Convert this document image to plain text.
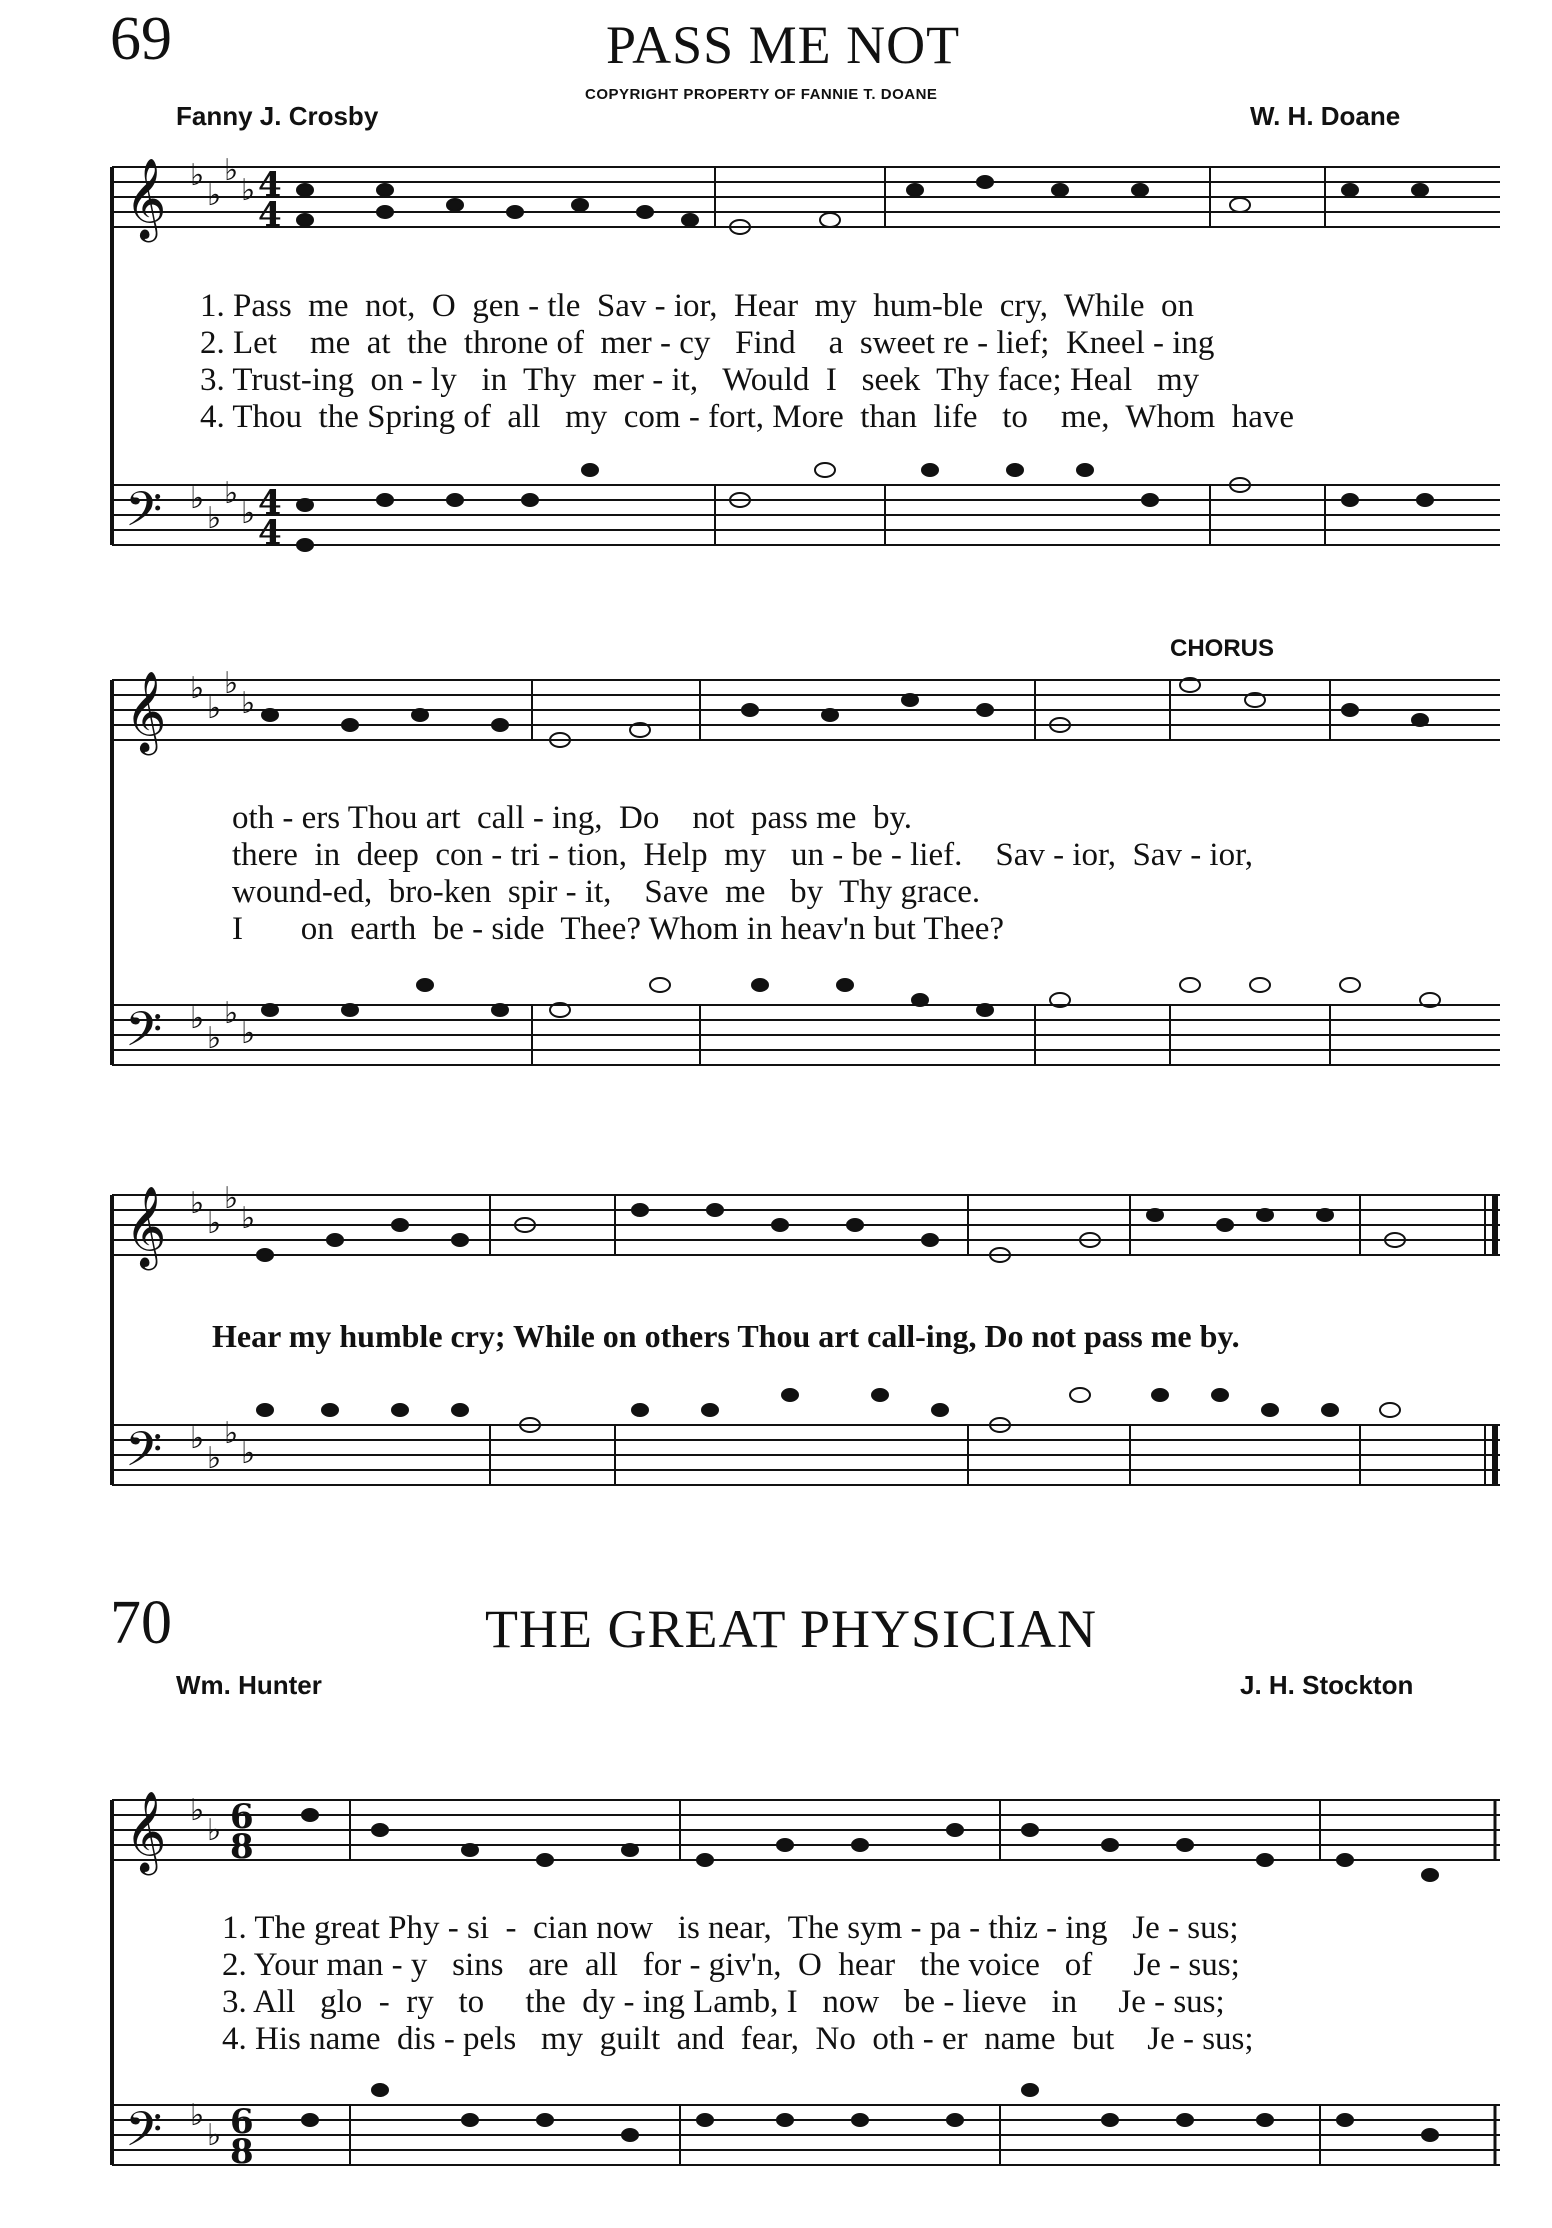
69	PASS ME NOT
COPYRIGHT PROPERTY OF FANNIE T. DOANE
Fanny J. Crosby	W. H. Doane
𝄞
𝄢
𝄞
𝄢
𝄞
𝄢
𝄞
𝄢
♭
♭
♭
♭
♭
♭
♭
♭
♭
♭
♭
♭
♭
♭
♭
♭
♭
♭
♭
♭
♭
♭
♭
♭
♭
♭
♭
♭
4
4
4
4
6
8
6
8
1. Pass  me  not,  O  gen - tle  Sav - ior,  Hear  my  hum-ble  cry,  While  on
2. Let    me  at  the  throne of  mer - cy   Find    a  sweet re - lief;  Kneel - ing
3. Trust-ing  on - ly   in  Thy  mer - it,   Would  I   seek  Thy face; Heal   my
4. Thou  the Spring of  all   my  com - fort, More  than  life   to    me,  Whom  have
CHORUS
oth - ers Thou art  call - ing,  Do    not  pass me  by.
there  in  deep  con - tri - tion,  Help  my   un - be - lief.    Sav - ior,  Sav - ior,
wound-ed,  bro-ken  spir - it,    Save  me   by  Thy grace.
I       on  earth  be - side  Thee? Whom in heav'n but Thee?
Hear my humble cry; While on others Thou art call-ing, Do not pass me by.
70	THE GREAT PHYSICIAN
Wm. Hunter	J. H. Stockton
1. The great Phy - si  -  cian now   is near,  The sym - pa - thiz - ing   Je - sus;
2. Your man - y   sins   are  all   for - giv'n,  O  hear   the voice   of     Je - sus;
3. All   glo  -  ry   to     the  dy - ing Lamb, I   now   be - lieve   in     Je - sus;
4. His name  dis - pels   my  guilt  and  fear,  No  oth - er  name  but    Je - sus;
